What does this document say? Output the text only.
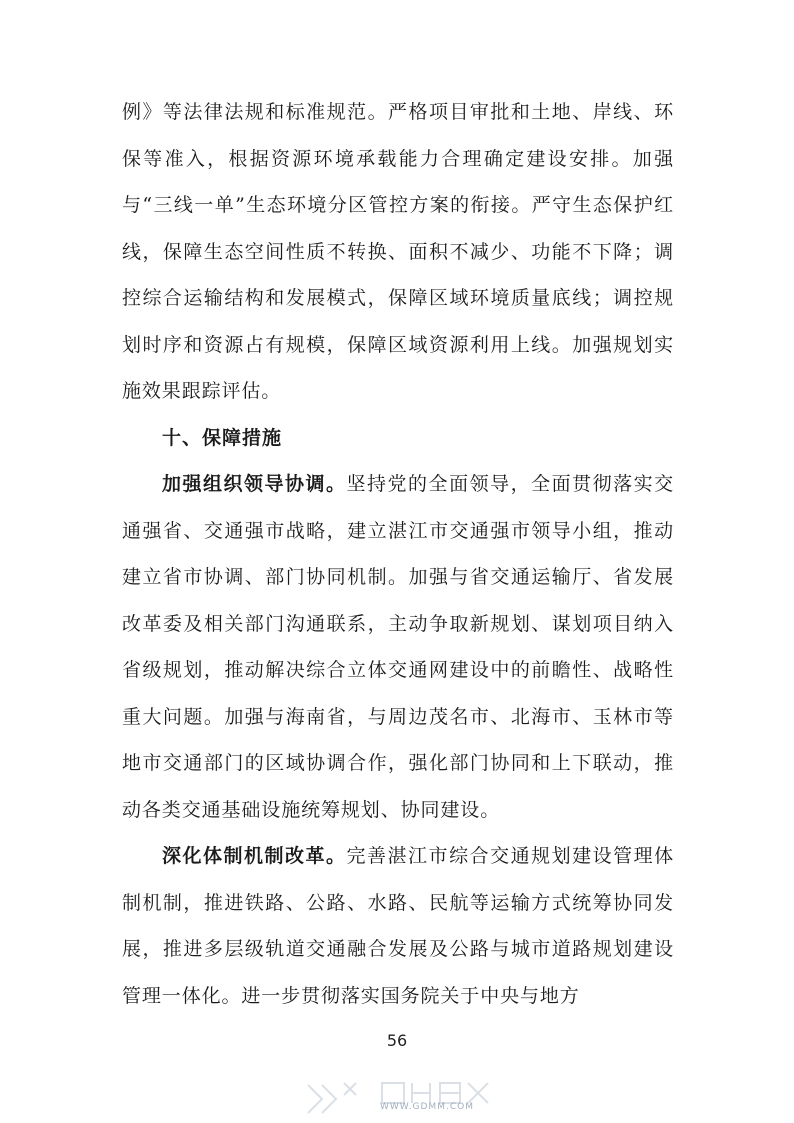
例》等法律法规和标准规范。严格项目审批和土地、岸线、环保等准入，根据资源环境承载能力合理确定建设安排。加强与“三线一单”生态环境分区管控方案的衔接。严守生态保护红线，保障生态空间性质不转换、面积不减少、功能不下降；调控综合运输结构和发展模式，保障区域环境质量底线；调控规划时序和资源占有规模，保障区域资源利用上线。加强规划实施效果跟踪评估。

十、保障措施

加强组织领导协调。坚持党的全面领导，全面贯彻落实交通强省、交通强市战略，建立湛江市交通强市领导小组，推动建立省市协调、部门协同机制。加强与省交通运输厅、省发展改革委及相关部门沟通联系，主动争取新规划、谋划项目纳入省级规划，推动解决综合立体交通网建设中的前瞻性、战略性重大问题。加强与海南省，与周边茂名市、北海市、玉林市等地市交通部门的区域协调合作，强化部门协同和上下联动，推动各类交通基础设施统筹规划、协同建设。

深化体制机制改革。完善湛江市综合交通规划建设管理体制机制，推进铁路、公路、水路、民航等运输方式统筹协同发展，推进多层级轨道交通融合发展及公路与城市道路规划建设管理一体化。进一步贯彻落实国务院关于中央与地方

56
WWW.GDMM.COM
